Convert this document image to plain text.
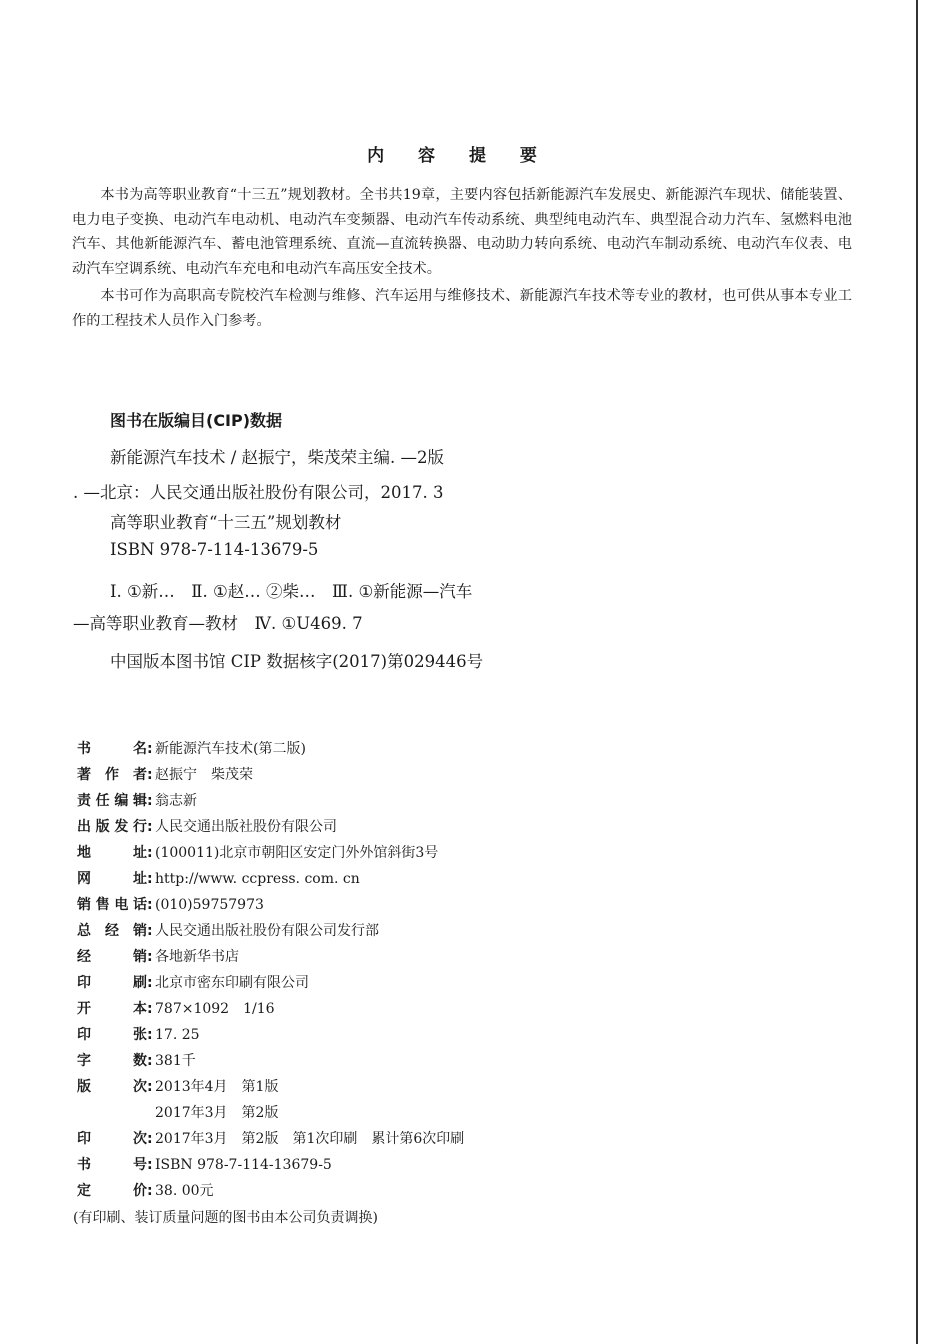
内 容 提 要

本书为高等职业教育“十三五”规划教材。全书共19章，主要内容包括新能源汽车发展史、新能源汽车现状、储能装置、电力电子变换、电动汽车电动机、电动汽车变频器、电动汽车传动系统、典型纯电动汽车、典型混合动力汽车、氢燃料电池汽车、其他新能源汽车、蓄电池管理系统、直流—直流转换器、电动助力转向系统、电动汽车制动系统、电动汽车仪表、电动汽车空调系统、电动汽车充电和电动汽车高压安全技术。

本书可作为高职高专院校汽车检测与维修、汽车运用与维修技术、新能源汽车技术等专业的教材，也可供从事本专业工作的工程技术人员作入门参考。

图书在版编目(CIP)数据
新能源汽车技术 / 赵振宁，柴茂荣主编. —2版
. —北京：人民交通出版社股份有限公司，2017. 3
高等职业教育“十三五”规划教材
ISBN 978-7-114-13679-5
Ⅰ. ①新…　Ⅱ. ①赵… ②柴…　Ⅲ. ①新能源—汽车
—高等职业教育—教材　Ⅳ. ①U469. 7
中国版本图书馆 CIP 数据核字(2017)第029446号
书名: 新能源汽车技术(第二版)
著作者: 赵振宁　柴茂荣
责任编辑: 翁志新
出版发行: 人民交通出版社股份有限公司
地址: (100011)北京市朝阳区安定门外外馆斜街3号
网址: http://www. ccpress. com. cn
销售电话: (010)59757973
总经销: 人民交通出版社股份有限公司发行部
经销: 各地新华书店
印刷: 北京市密东印刷有限公司
开本: 787×1092　1/16
印张: 17. 25
字数: 381千
版次: 2013年4月　第1版
2017年3月　第2版
印次: 2017年3月　第2版　第1次印刷　累计第6次印刷
书号: ISBN 978-7-114-13679-5
定价: 38. 00元
(有印刷、装订质量问题的图书由本公司负责调换)
